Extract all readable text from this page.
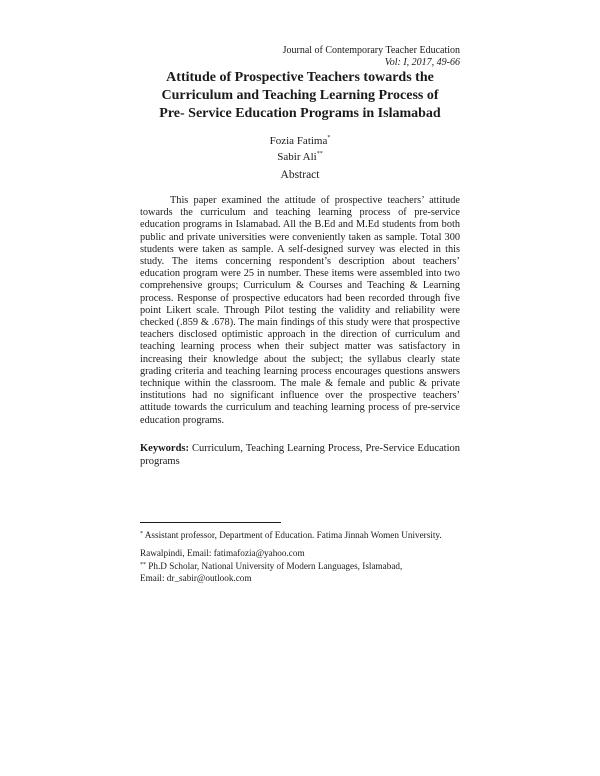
Journal of Contemporary Teacher Education
Vol: I, 2017, 49-66
Attitude of Prospective Teachers towards the
Curriculum and Teaching Learning Process of
Pre- Service Education Programs in Islamabad
Fozia Fatima*
Sabir Ali**
Abstract

This paper examined the attitude of prospective teachers’ attitude towards the curriculum and teaching learning process of pre-service education programs in Islamabad. All the B.Ed and M.Ed students from both public and private universities were conveniently taken as sample. Total 300 students were taken as sample. A self-designed survey was elected in this study. The items concerning respondent’s description about teachers’ education program were 25 in number. These items were assembled into two comprehensive groups; Curriculum & Courses and Teaching & Learning process. Response of prospective educators had been recorded through five point Likert scale. Through Pilot testing the validity and reliability were checked (.859 & .678). The main findings of this study were that prospective teachers disclosed optimistic approach in the direction of curriculum and teaching learning process when their subject matter was satisfactory in increasing their knowledge about the subject; the syllabus clearly state grading criteria and teaching learning process encourages questions answers technique within the classroom. The male & female and public & private institutions had no significant influence over the prospective teachers’ attitude towards the curriculum and teaching learning process of pre-service education programs.

Keywords: Curriculum, Teaching Learning Process, Pre-Service Education programs

* Assistant professor, Department of Education. Fatima Jinnah Women University.

Rawalpindi, Email: fatimafozia@yahoo.com

** Ph.D Scholar, National University of Modern Languages, Islamabad,

Email: dr_sabir@outlook.com
